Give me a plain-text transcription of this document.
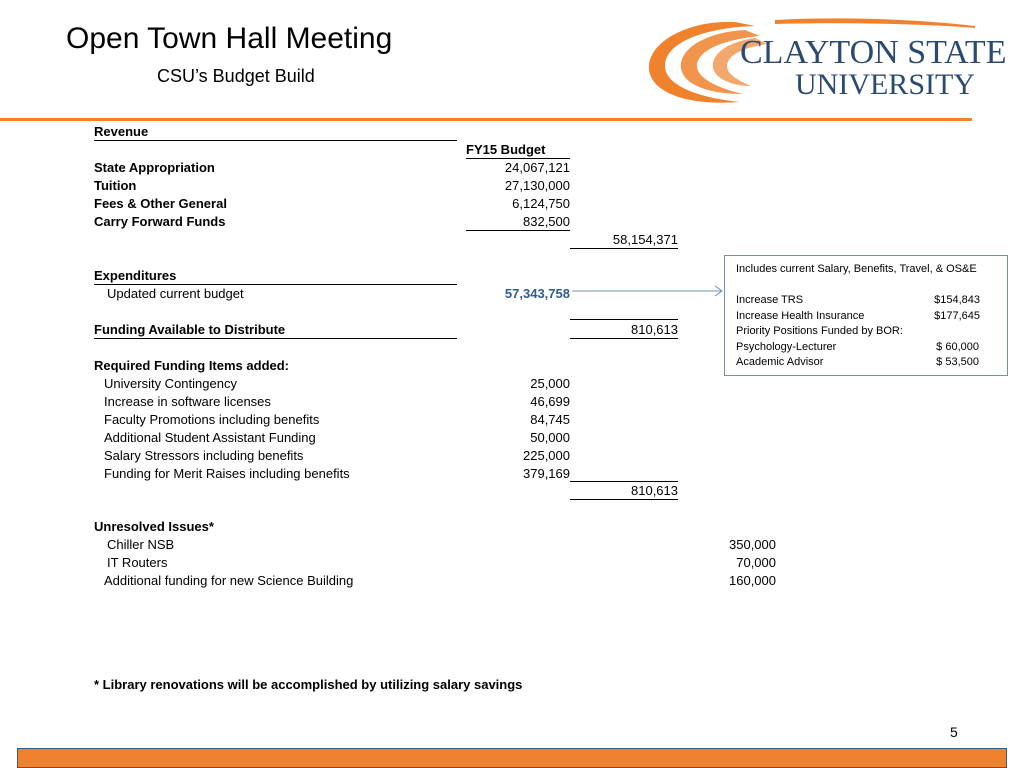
Open Town Hall Meeting
CSU’s Budget Build
CLAYTON STATE
UNIVERSITY
Revenue
FY15 Budget
State Appropriation	24,067,121
Tuition	27,130,000
Fees & Other General	6,124,750
Carry Forward Funds	832,500
58,154,371
Expenditures
Updated current budget	57,343,758
Funding Available to Distribute	810,613
Required Funding Items added:
University Contingency	25,000
Increase in software licenses	46,699
Faculty Promotions including benefits	84,745
Additional Student Assistant Funding	50,000
Salary Stressors including benefits	225,000
Funding for Merit Raises including benefits	379,169
810,613
Unresolved Issues*
Chiller NSB	350,000
IT Routers	70,000
Additional funding for new Science Building	160,000
Includes current Salary, Benefits, Travel, & OS&E
Increase TRS	$154,843
Increase Health Insurance	$177,645
Priority Positions Funded by BOR:
Psychology-Lecturer	$ 60,000
Academic Advisor	$ 53,500
* Library renovations will be accomplished by utilizing salary savings
5
